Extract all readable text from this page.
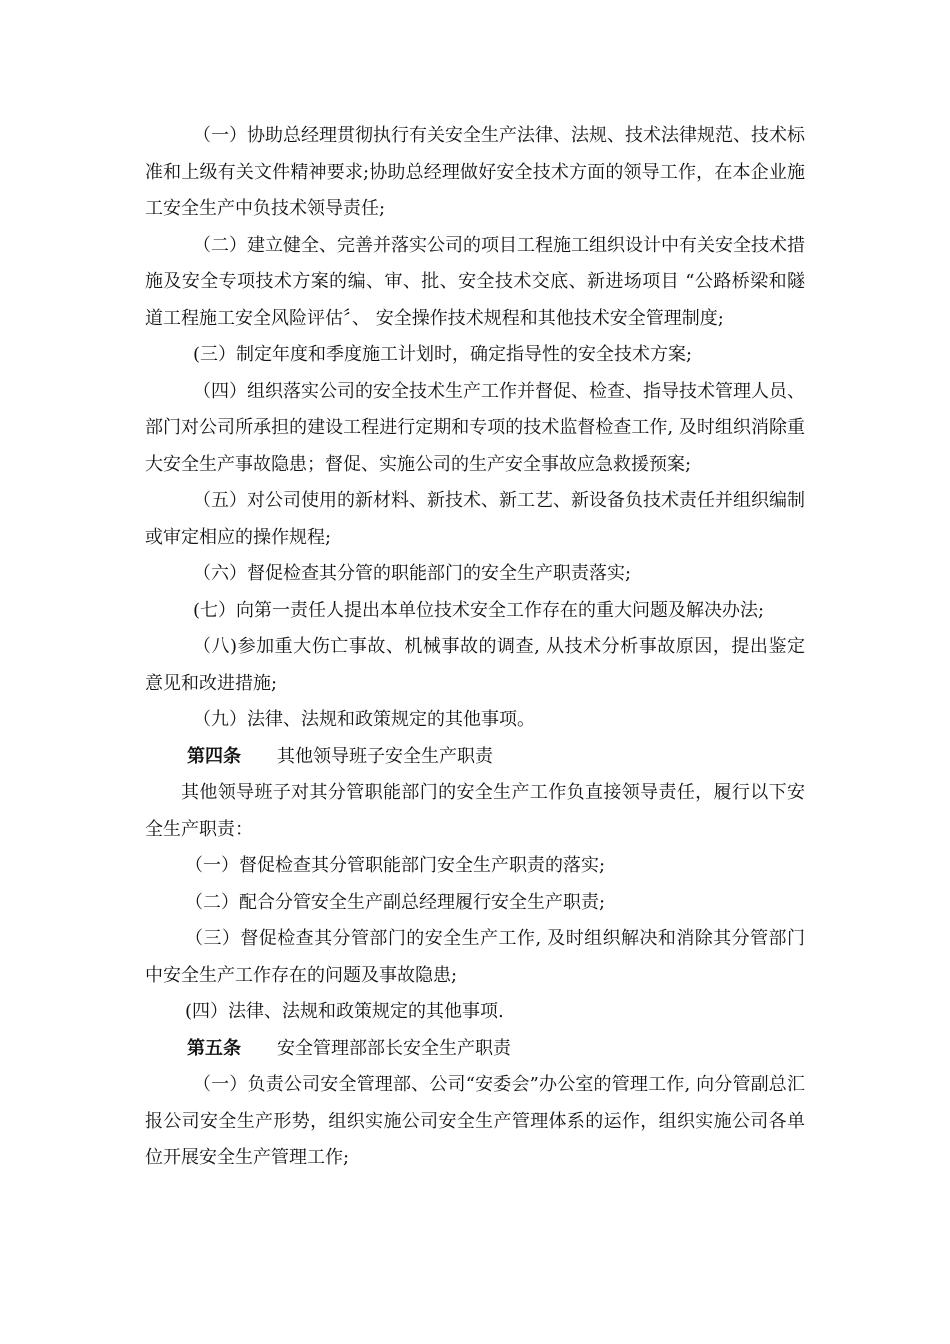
（一）协助总经理贯彻执行有关安全生产法律、法规、技术法律规范、技术标准和上级有关文件精神要求;协助总经理做好安全技术方面的领导工作，在本企业施工安全生产中负技术领导责任;

（二）建立健全、完善并落实公司的项目工程施工组织设计中有关安全技术措施及安全专项技术方案的编、审、批、安全技术交底、新进场项目 “公路桥梁和隧道工程施工安全风险评估〞、 安全操作技术规程和其他技术安全管理制度;

(三）制定年度和季度施工计划时，确定指导性的安全技术方案;

（四）组织落实公司的安全技术生产工作并督促、检查、指导技术管理人员、部门对公司所承担的建设工程进行定期和专项的技术监督检查工作, 及时组织消除重大安全生产事故隐患；督促、实施公司的生产安全事故应急救援预案;

（五）对公司使用的新材料、新技术、新工艺、新设备负技术责任并组织编制或审定相应的操作规程;

（六）督促检查其分管的职能部门的安全生产职责落实;

(七）向第一责任人提出本单位技术安全工作存在的重大问题及解决办法;

（八)参加重大伤亡事故、机械事故的调查, 从技术分析事故原因，提出鉴定意见和改进措施;

（九）法律、法规和政策规定的其他事项。

第四条 其他领导班子安全生产职责

其他领导班子对其分管职能部门的安全生产工作负直接领导责任，履行以下安全生产职责：

（一）督促检查其分管职能部门安全生产职责的落实;

（二）配合分管安全生产副总经理履行安全生产职责;

（三）督促检查其分管部门的安全生产工作, 及时组织解决和消除其分管部门中安全生产工作存在的问题及事故隐患;

(四）法律、法规和政策规定的其他事项.

第五条 安全管理部部长安全生产职责

（一）负责公司安全管理部、公司“安委会”办公室的管理工作, 向分管副总汇报公司安全生产形势，组织实施公司安全生产管理体系的运作，组织实施公司各单位开展安全生产管理工作;
